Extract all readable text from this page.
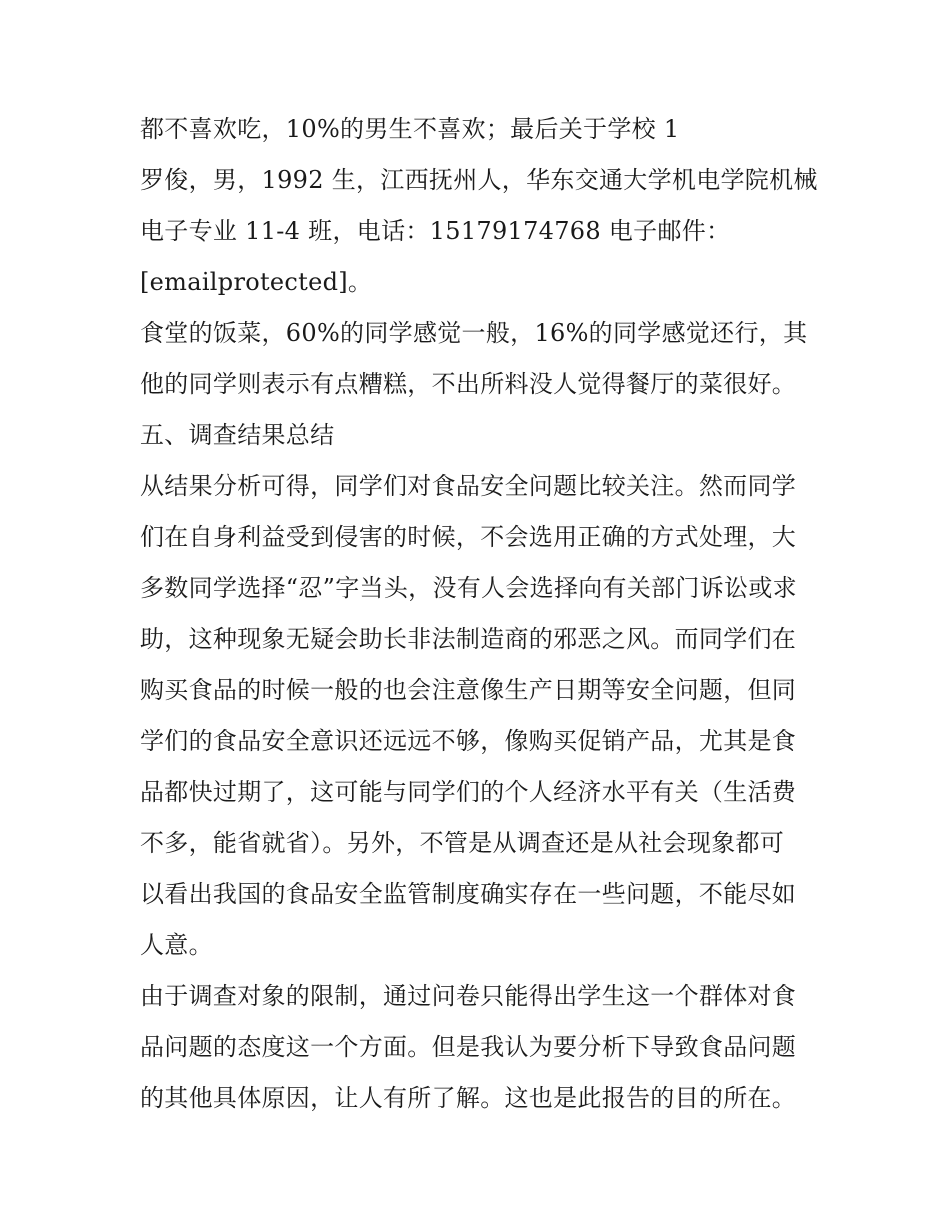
都不喜欢吃，10%的男生不喜欢；最后关于学校 1
罗俊，男，1992 生，江西抚州人，华东交通大学机电学院机械
电子专业 11-4 班，电话：15179174768 电子邮件：
[emailprotected]。
食堂的饭菜，60%的同学感觉一般，16%的同学感觉还行，其
他的同学则表示有点糟糕，不出所料没人觉得餐厅的菜很好。
五、调查结果总结
从结果分析可得，同学们对食品安全问题比较关注。然而同学
们在自身利益受到侵害的时候，不会选用正确的方式处理，大
多数同学选择“忍”字当头，没有人会选择向有关部门诉讼或求
助，这种现象无疑会助长非法制造商的邪恶之风。而同学们在
购买食品的时候一般的也会注意像生产日期等安全问题，但同
学们的食品安全意识还远远不够，像购买促销产品，尤其是食
品都快过期了，这可能与同学们的个人经济水平有关（生活费
不多，能省就省）。另外，不管是从调查还是从社会现象都可
以看出我国的食品安全监管制度确实存在一些问题，不能尽如
人意。
由于调查对象的限制，通过问卷只能得出学生这一个群体对食
品问题的态度这一个方面。但是我认为要分析下导致食品问题
的其他具体原因，让人有所了解。这也是此报告的目的所在。
